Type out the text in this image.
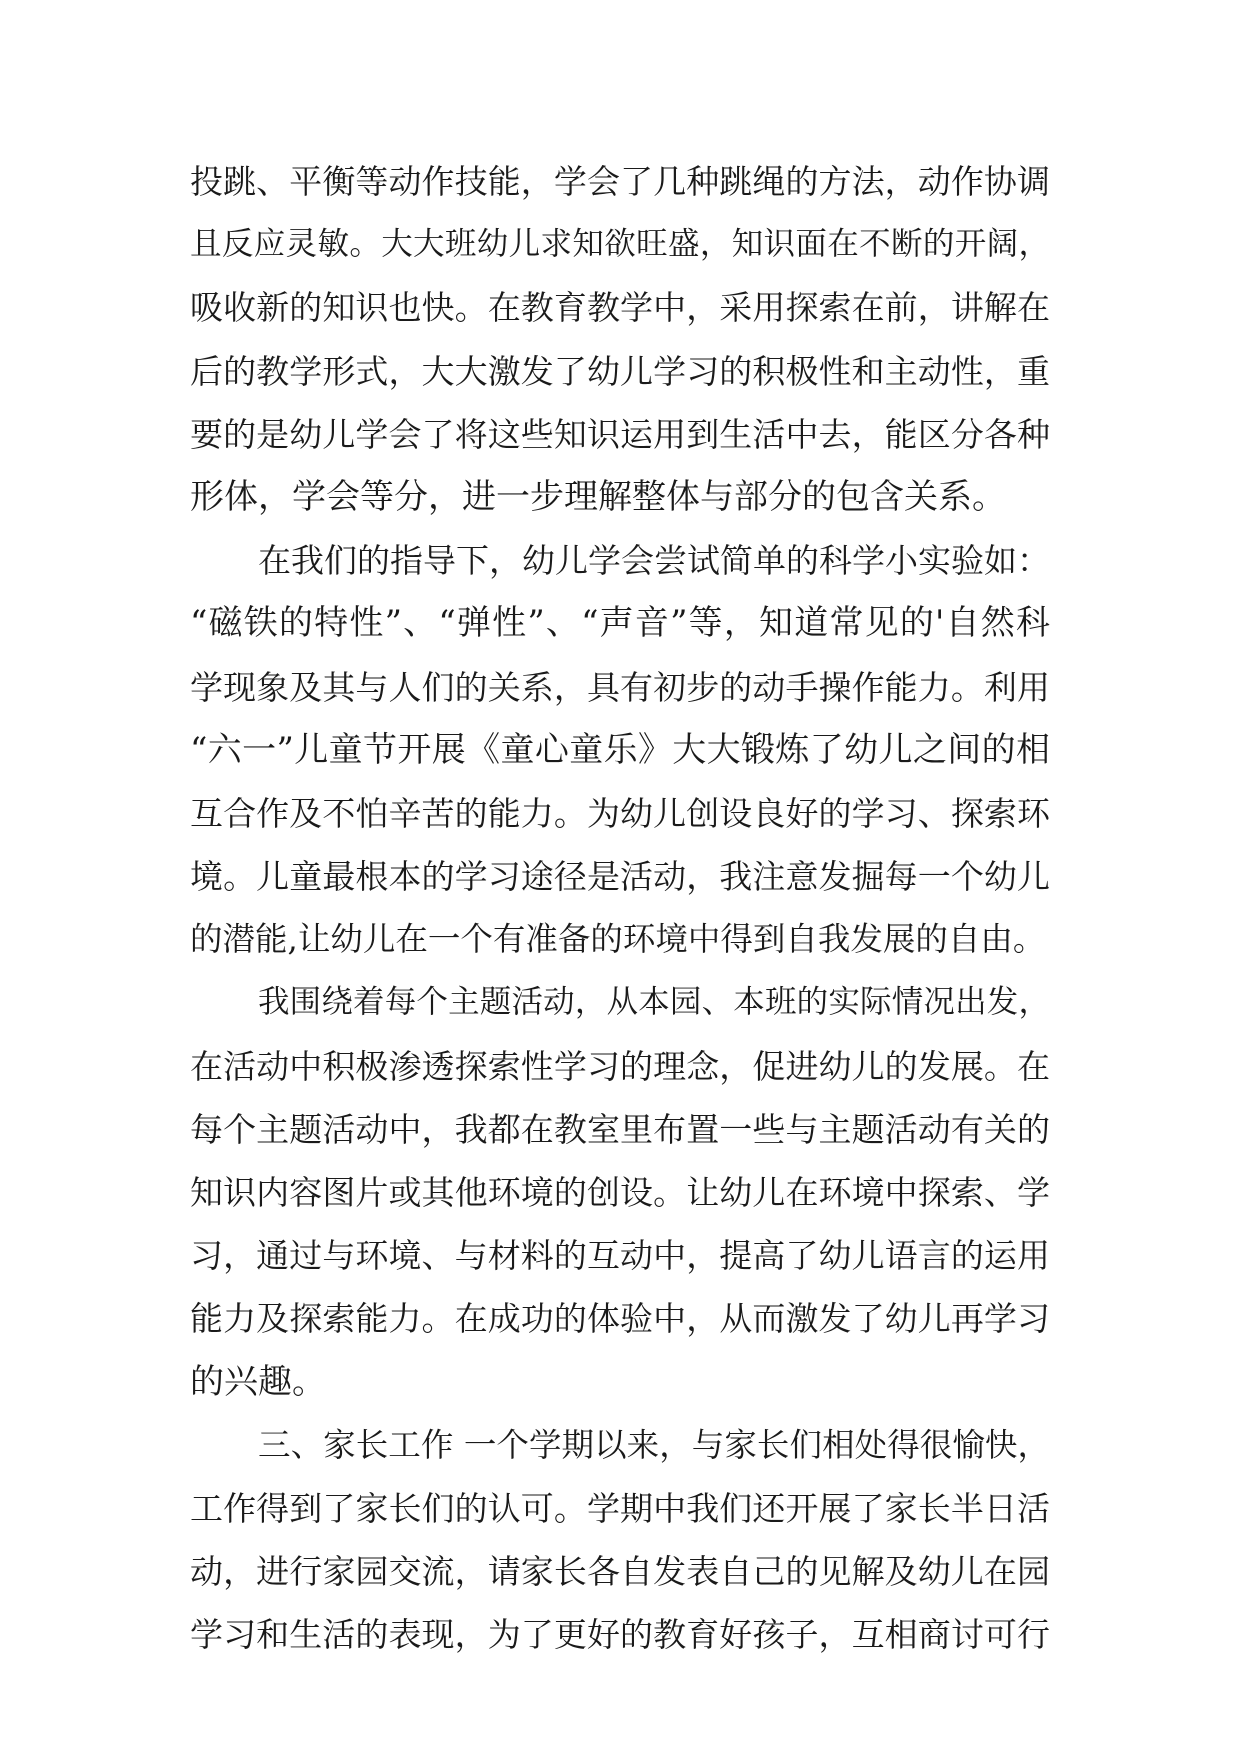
投跳、平衡等动作技能，学会了几种跳绳的方法，动作协调
且反应灵敏。大大班幼儿求知欲旺盛，知识面在不断的开阔，
吸收新的知识也快。在教育教学中，采用探索在前，讲解在
后的教学形式，大大激发了幼儿学习的积极性和主动性，重
要的是幼儿学会了将这些知识运用到生活中去，能区分各种
形体，学会等分，进一步理解整体与部分的包含关系。
在我们的指导下，幼儿学会尝试简单的科学小实验如：
“磁铁的特性”、“弹性”、“声音”等，知道常见的'自然科
学现象及其与人们的关系，具有初步的动手操作能力。利用
“六一”儿童节开展《童心童乐》大大锻炼了幼儿之间的相
互合作及不怕辛苦的能力。为幼儿创设良好的学习、探索环
境。儿童最根本的学习途径是活动，我注意发掘每一个幼儿
的潜能,让幼儿在一个有准备的环境中得到自我发展的自由。
我围绕着每个主题活动，从本园、本班的实际情况出发，
在活动中积极渗透探索性学习的理念，促进幼儿的发展。在
每个主题活动中，我都在教室里布置一些与主题活动有关的
知识内容图片或其他环境的创设。让幼儿在环境中探索、学
习，通过与环境、与材料的互动中，提高了幼儿语言的运用
能力及探索能力。在成功的体验中，从而激发了幼儿再学习
的兴趣。
三、家长工作 一个学期以来，与家长们相处得很愉快，
工作得到了家长们的认可。学期中我们还开展了家长半日活
动，进行家园交流，请家长各自发表自己的见解及幼儿在园
学习和生活的表现，为了更好的教育好孩子，互相商讨可行
